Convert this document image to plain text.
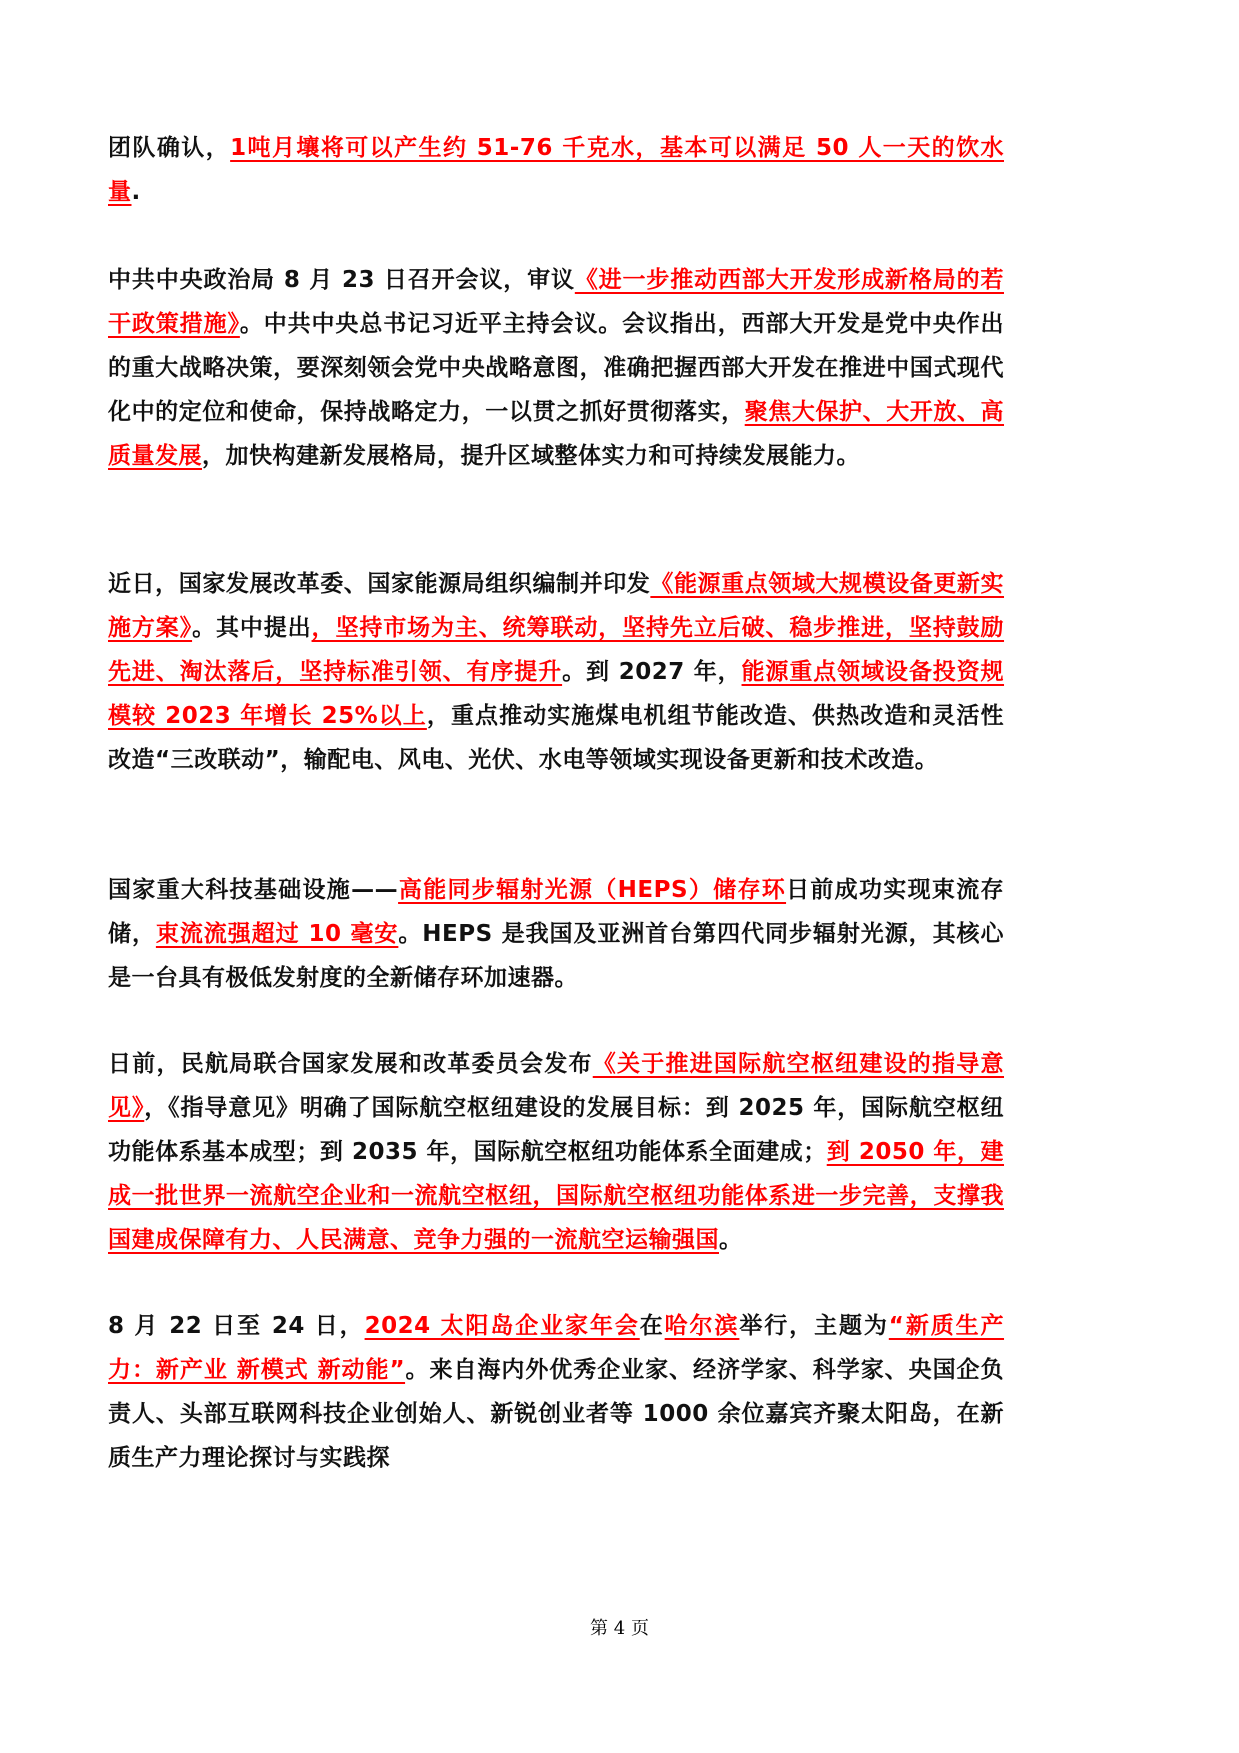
团队确认，1吨月壤将可以产生约 51-76 千克水，基本可以满足 50 人一天的饮水量.
中共中央政治局 8 月 23 日召开会议，审议《进一步推动西部大开发形成新格局的若干政策措施》。中共中央总书记习近平主持会议。会议指出，西部大开发是党中央作出的重大战略决策，要深刻领会党中央战略意图，准确把握西部大开发在推进中国式现代化中的定位和使命，保持战略定力，一以贯之抓好贯彻落实，聚焦大保护、大开放、高质量发展，加快构建新发展格局，提升区域整体实力和可持续发展能力。
近日，国家发展改革委、国家能源局组织编制并印发《能源重点领域大规模设备更新实施方案》。其中提出，坚持市场为主、统筹联动，坚持先立后破、稳步推进，坚持鼓励先进、淘汰落后，坚持标准引领、有序提升。到 2027 年，能源重点领域设备投资规模较 2023 年增长 25%以上，重点推动实施煤电机组节能改造、供热改造和灵活性改造“三改联动”，输配电、风电、光伏、水电等领域实现设备更新和技术改造。
国家重大科技基础设施——高能同步辐射光源（HEPS）储存环日前成功实现束流存储，束流流强超过 10 毫安。HEPS 是我国及亚洲首台第四代同步辐射光源，其核心是一台具有极低发射度的全新储存环加速器。
日前，民航局联合国家发展和改革委员会发布《关于推进国际航空枢纽建设的指导意见》，《指导意见》明确了国际航空枢纽建设的发展目标：到 2025 年，国际航空枢纽功能体系基本成型；到 2035 年，国际航空枢纽功能体系全面建成；到 2050 年，建成一批世界一流航空企业和一流航空枢纽，国际航空枢纽功能体系进一步完善，支撑我国建成保障有力、人民满意、竞争力强的一流航空运输强国。
8 月 22 日至 24 日，2024 太阳岛企业家年会在哈尔滨举行，主题为“新质生产力：新产业 新模式 新动能”。来自海内外优秀企业家、经济学家、科学家、央国企负责人、头部互联网科技企业创始人、新锐创业者等 1000 余位嘉宾齐聚太阳岛，在新质生产力理论探讨与实践探
第 4 页
